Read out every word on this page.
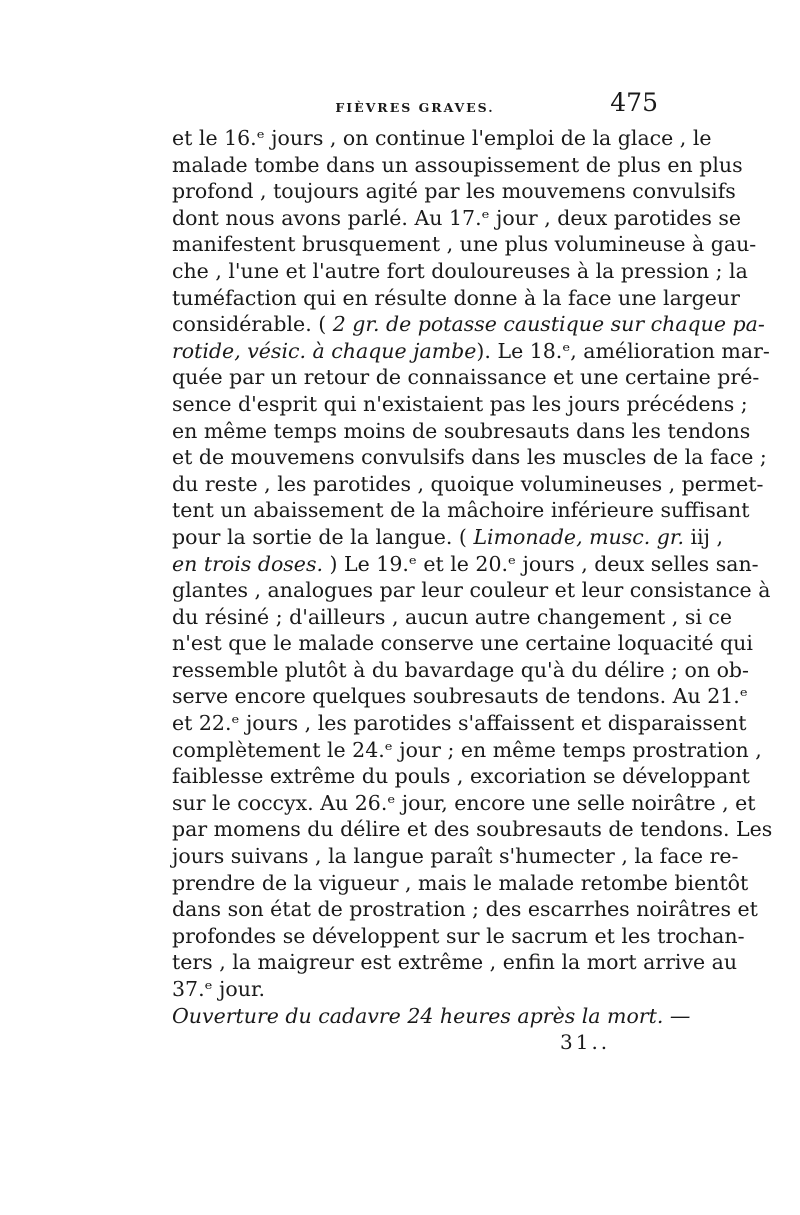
FIÈVRES GRAVES.	475
et le 16.ᵉ jours , on continue l'emploi de la glace , le
malade tombe dans un assoupissement de plus en plus
profond , toujours agité par les mouvemens convulsifs
dont nous avons parlé. Au 17.ᵉ jour , deux parotides se
manifestent brusquement , une plus volumineuse à gau-
che , l'une et l'autre fort douloureuses à la pression ; la
tuméfaction qui en résulte donne à la face une largeur
considérable. ( 2 gr. de potasse caustique sur chaque pa-
rotide, vésic. à chaque jambe). Le 18.ᵉ, amélioration mar-
quée par un retour de connaissance et une certaine pré-
sence d'esprit qui n'existaient pas les jours précédens ;
en même temps moins de soubresauts dans les tendons
et de mouvemens convulsifs dans les muscles de la face ;
du reste , les parotides , quoique volumineuses , permet-
tent un abaissement de la mâchoire inférieure suffisant
pour la sortie de la langue. ( Limonade, musc. gr. iij ,
en trois doses. ) Le 19.ᵉ et le 20.ᵉ jours , deux selles san-
glantes , analogues par leur couleur et leur consistance à
du résiné ; d'ailleurs , aucun autre changement , si ce
n'est que le malade conserve une certaine loquacité qui
ressemble plutôt à du bavardage qu'à du délire ; on ob-
serve encore quelques soubresauts de tendons. Au 21.ᵉ
et 22.ᵉ jours , les parotides s'affaissent et disparaissent
complètement le 24.ᵉ jour ; en même temps prostration ,
faiblesse extrême du pouls , excoriation se développant
sur le coccyx. Au 26.ᵉ jour, encore une selle noirâtre , et
par momens du délire et des soubresauts de tendons. Les
jours suivans , la langue paraît s'humecter , la face re-
prendre de la vigueur , mais le malade retombe bientôt
dans son état de prostration ; des escarrhes noirâtres et
profondes se développent sur le sacrum et les trochan-
ters , la maigreur est extrême , enfin la mort arrive au
37.ᵉ jour.
Ouverture du cadavre 24 heures après la mort. —
31..
